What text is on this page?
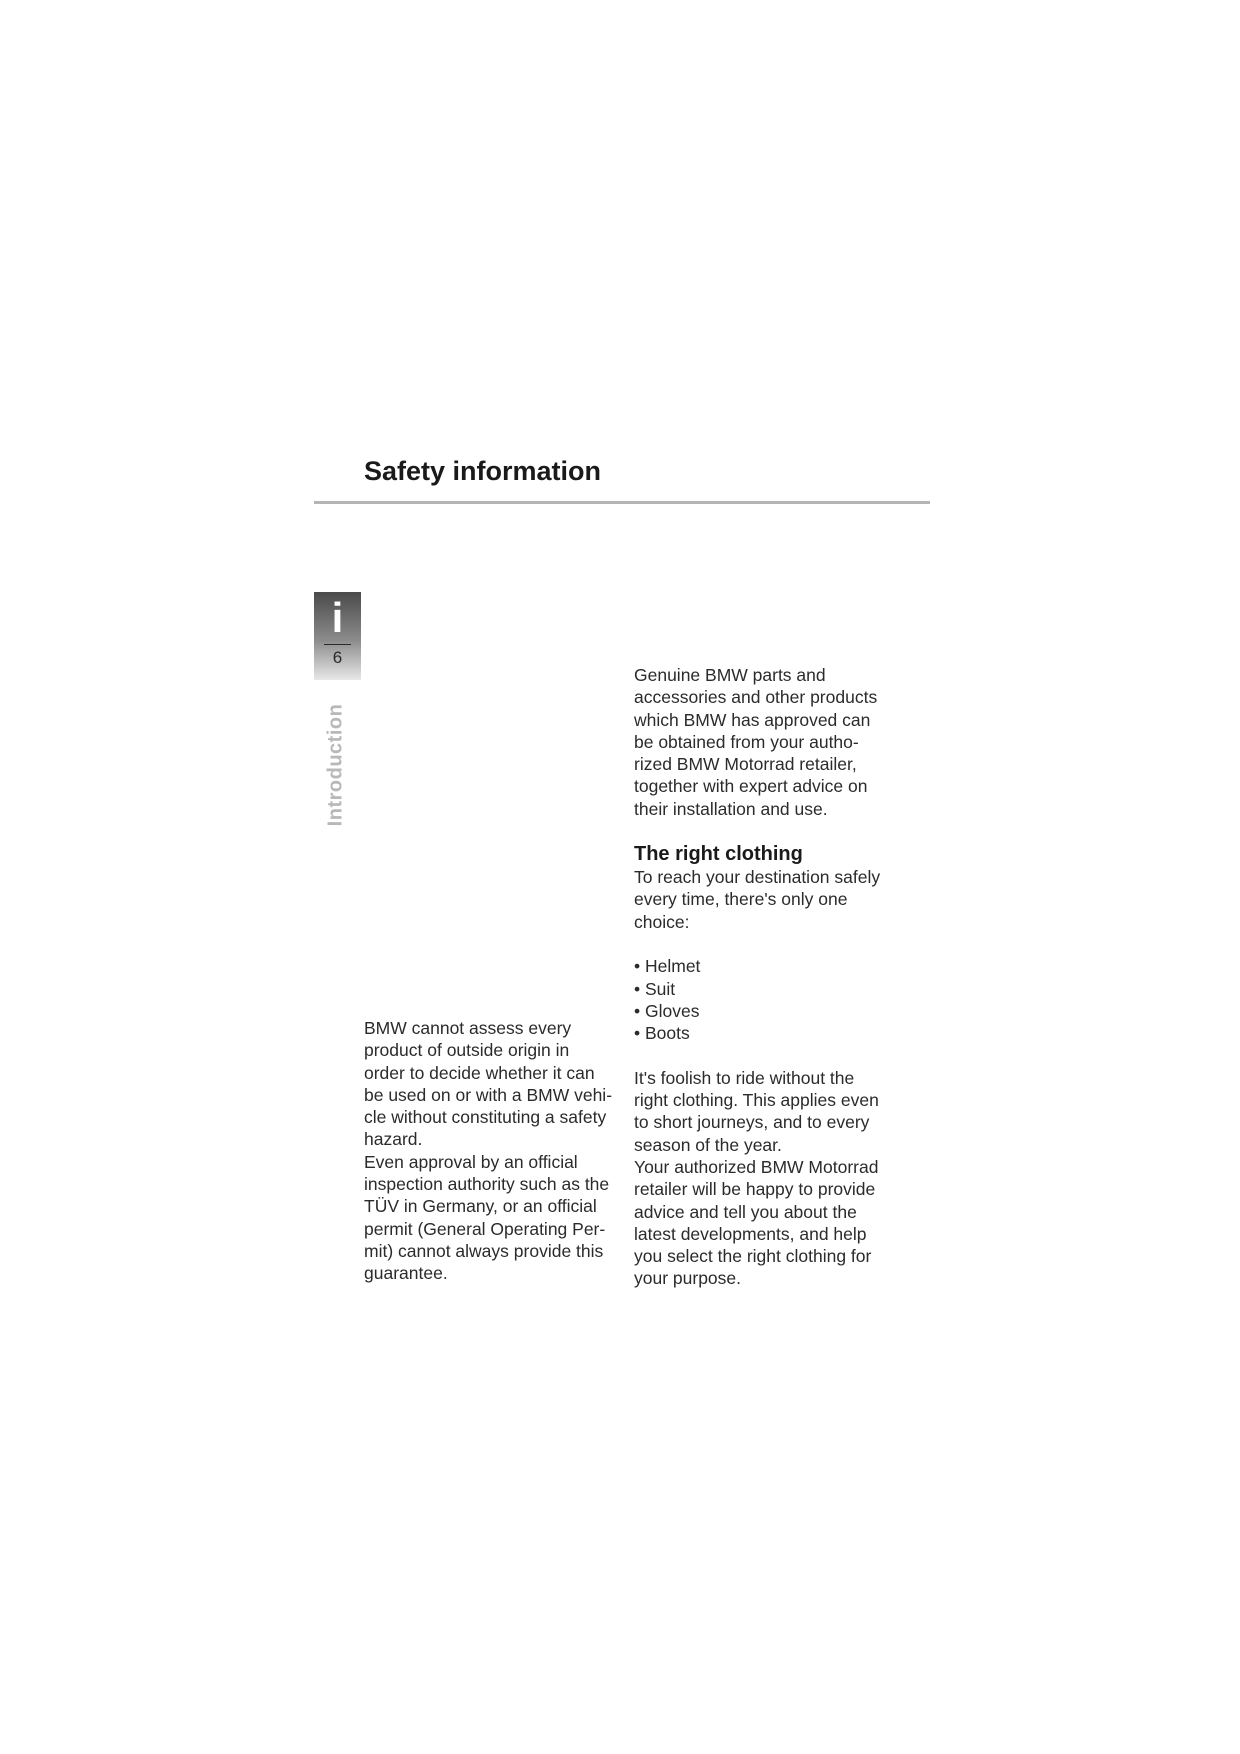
Safety information
i
6
Introduction

BMW cannot assess every
product of outside origin in
order to decide whether it can
be used on or with a BMW vehi-
cle without constituting a safety
hazard.

Even approval by an official
inspection authority such as the
TÜV in Germany, or an official
permit (General Operating Per-
mit) cannot always provide this
guarantee.

Genuine BMW parts and
accessories and other products
which BMW has approved can
be obtained from your autho-
rized BMW Motorrad retailer,
together with expert advice on
their installation and use.

The right clothing

To reach your destination safely
every time, there's only one
choice:

• Helmet
• Suit
• Gloves
• Boots

It's foolish to ride without the
right clothing. This applies even
to short journeys, and to every
season of the year.

Your authorized BMW Motorrad
retailer will be happy to provide
advice and tell you about the
latest developments, and help
you select the right clothing for
your purpose.
